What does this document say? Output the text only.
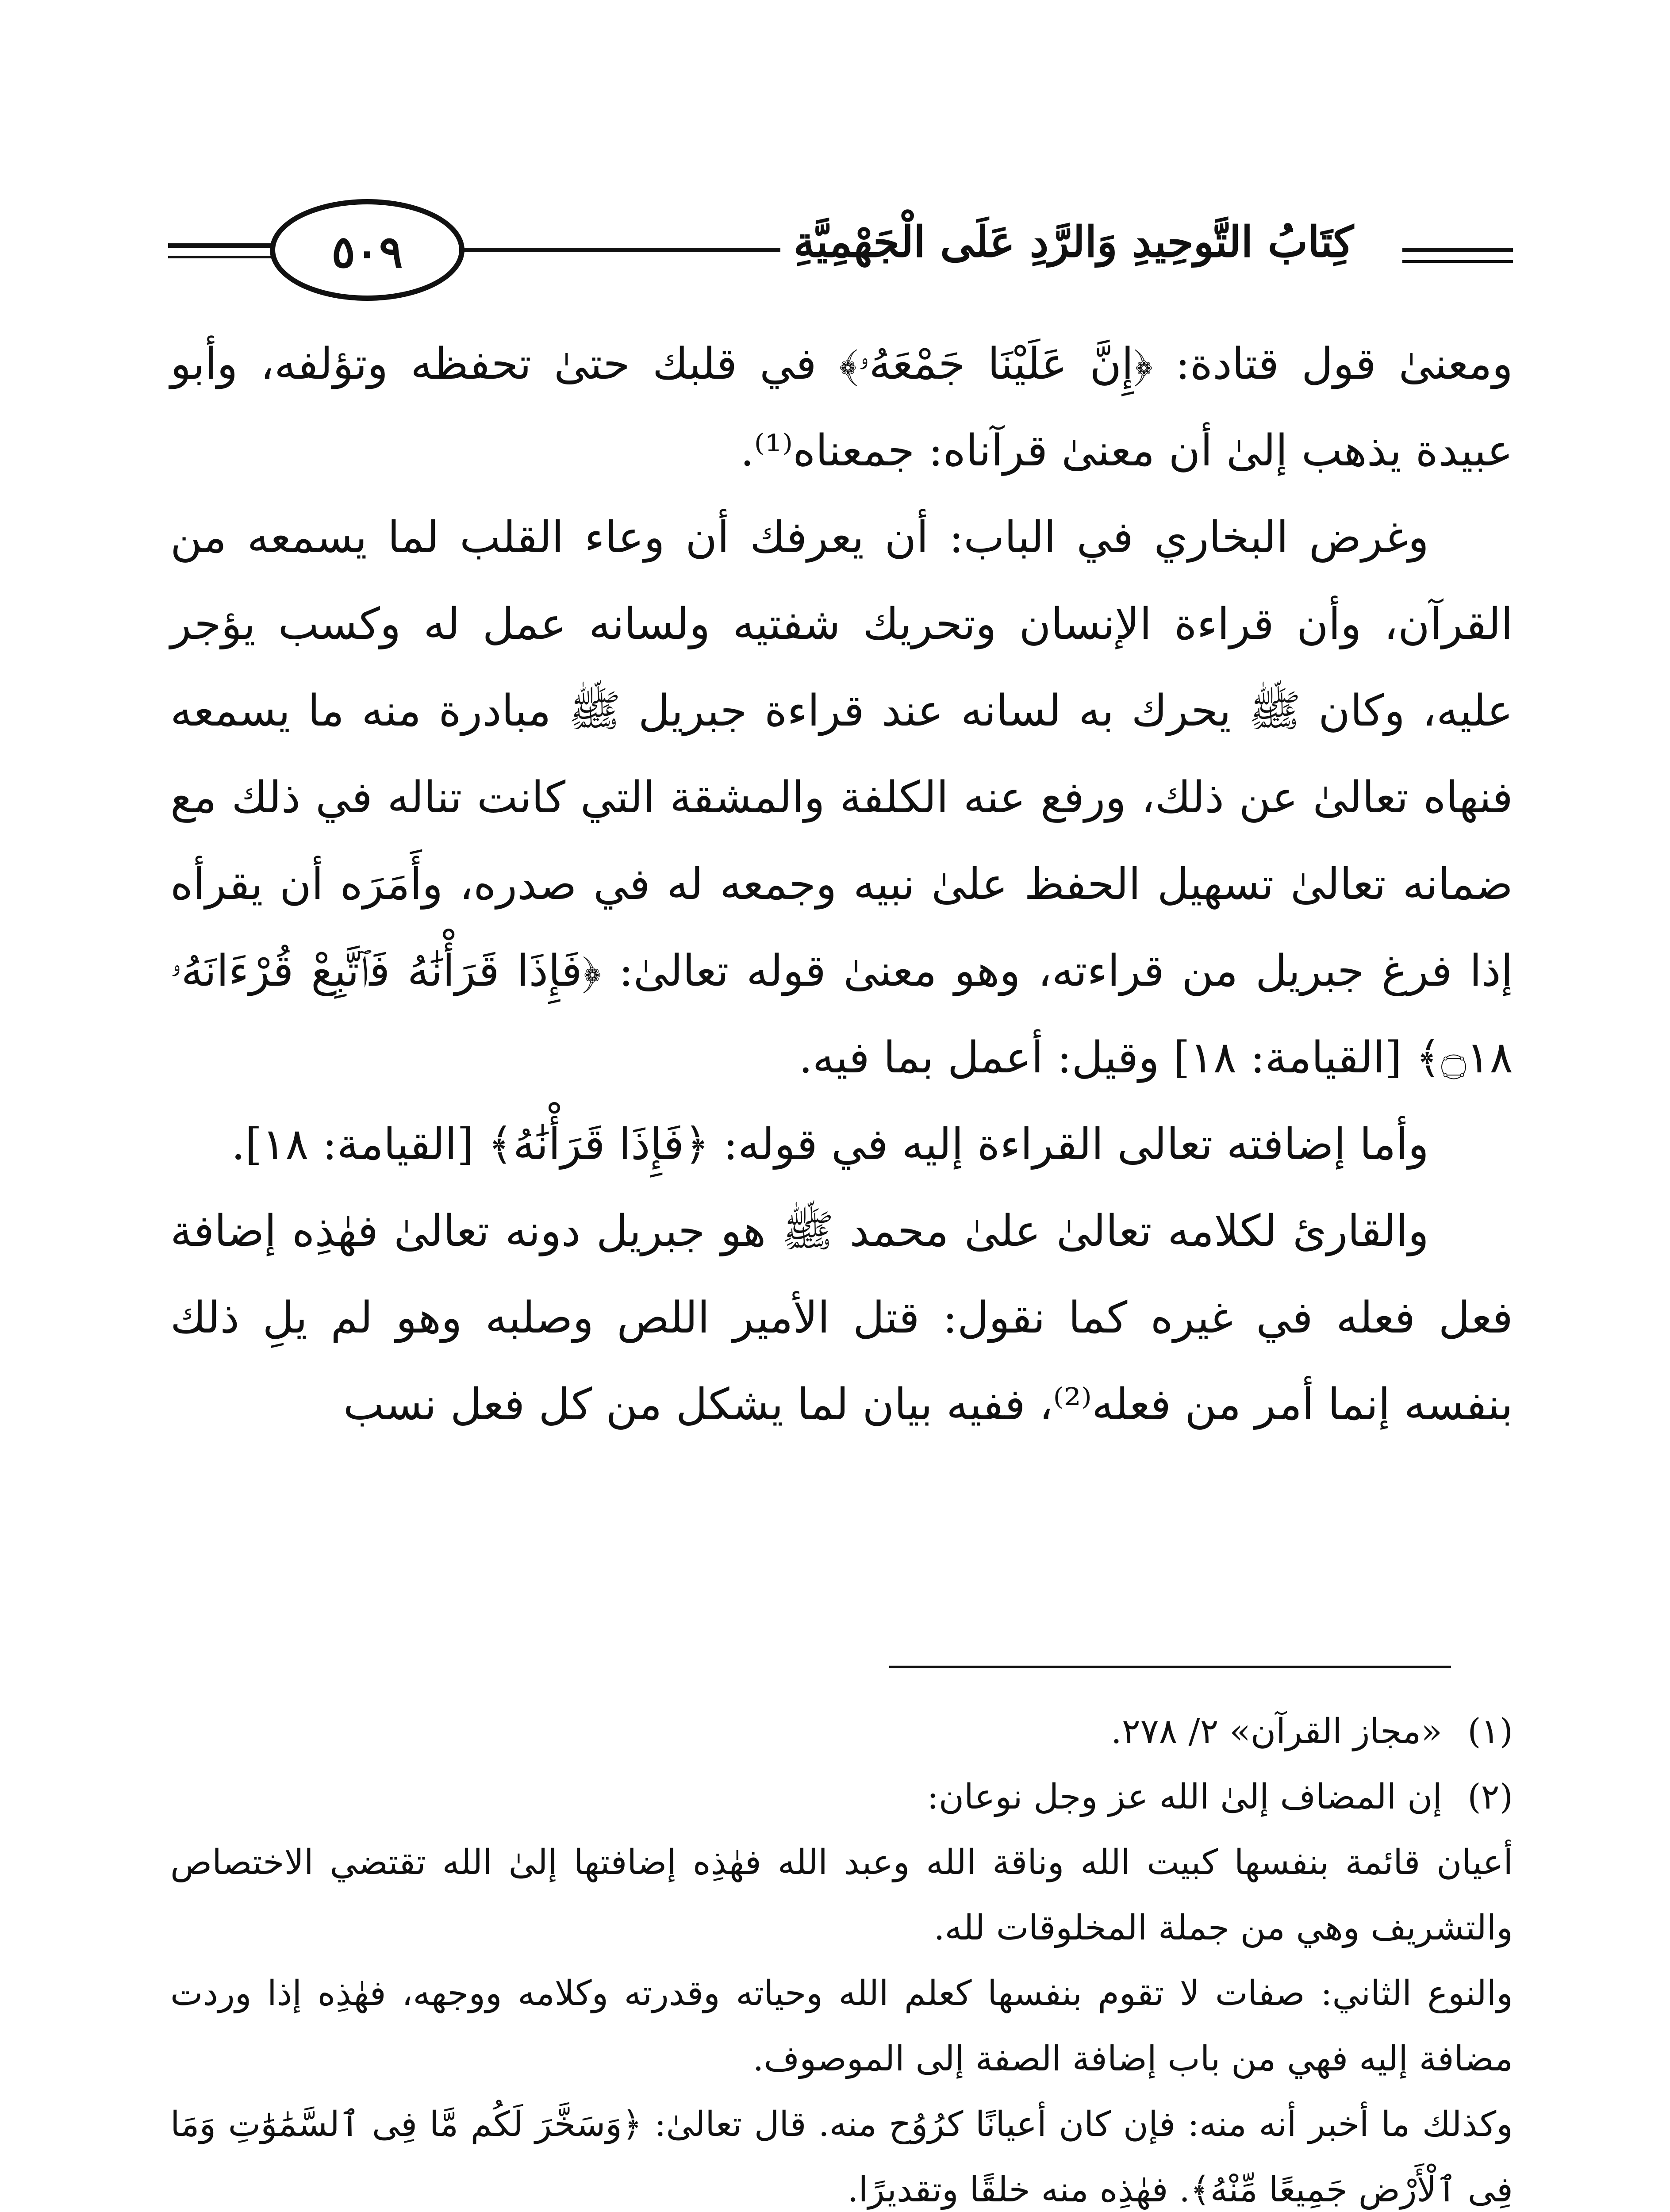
كِتَابُ التَّوحِيدِ وَالرَّدِ عَلَى الْجَهْمِيَّةِ
٥٠٩

ومعنىٰ قول قتادة: ﴿إِنَّ عَلَيْنَا جَمْعَهُۥ﴾ في قلبك حتىٰ تحفظه وتؤلفه، وأبو عبيدة يذهب إلىٰ أن معنىٰ قرآناه: جمعناه⁽¹⁾.

وغرض البخاري في الباب: أن يعرفك أن وعاء القلب لما يسمعه من القرآن، وأن قراءة الإنسان وتحريك شفتيه ولسانه عمل له وكسب يؤجر عليه، وكان ﷺ يحرك به لسانه عند قراءة جبريل ﷺ مبادرة منه ما يسمعه فنهاه تعالىٰ عن ذلك، ورفع عنه الكلفة والمشقة التي كانت تناله في ذلك مع ضمانه تعالىٰ تسهيل الحفظ علىٰ نبيه وجمعه له في صدره، وأَمَرَه أن يقرأه إذا فرغ جبريل من قراءته، وهو معنىٰ قوله تعالىٰ: ﴿فَإِذَا قَرَأْنَٰهُ فَٱتَّبِعْ قُرْءَانَهُۥ ۝١٨﴾ [القيامة: ١٨] وقيل: أعمل بما فيه.

وأما إضافته تعالى القراءة إليه في قوله: ﴿فَإِذَا قَرَأْنَٰهُ﴾ [القيامة: ١٨].

والقارئ لكلامه تعالىٰ علىٰ محمد ﷺ هو جبريل دونه تعالىٰ فهٰذِه إضافة فعل فعله في غيره كما نقول: قتل الأمير اللص وصلبه وهو لم يلِ ذلك بنفسه إنما أمر من فعله⁽²⁾، ففيه بيان لما يشكل من كل فعل نسب

(١)

«مجاز القرآن» ٢/ ٢٧٨.

(٢)

إن المضاف إلىٰ الله عز وجل نوعان:

أعيان قائمة بنفسها كبيت الله وناقة الله وعبد الله فهٰذِه إضافتها إلىٰ الله تقتضي الاختصاص والتشريف وهي من جملة المخلوقات لله.

والنوع الثاني: صفات لا تقوم بنفسها كعلم الله وحياته وقدرته وكلامه ووجهه، فهٰذِه إذا وردت مضافة إليه فهي من باب إضافة الصفة إلى الموصوف.

وكذلك ما أخبر أنه منه: فإن كان أعيانًا كرُوُح منه. قال تعالىٰ: ﴿وَسَخَّرَ لَكُم مَّا فِى ٱلسَّمَٰوَٰتِ وَمَا فِى ٱلْأَرْضِ جَمِيعًا مِّنْهُ﴾. فهٰذِه منه خلقًا وتقديرًا.
